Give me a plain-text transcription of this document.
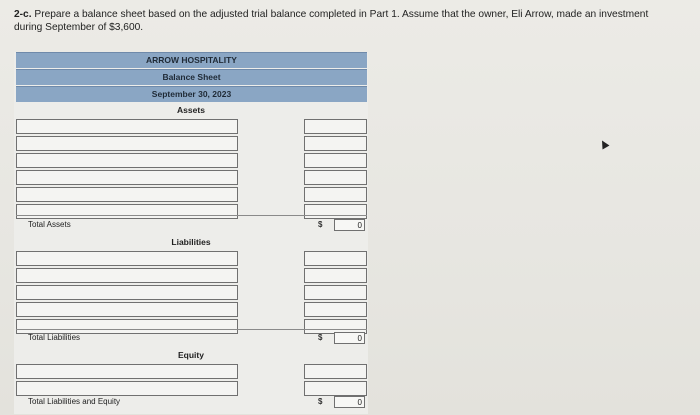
2-c. Prepare a balance sheet based on the adjusted trial balance completed in Part 1. Assume that the owner, Eli Arrow, made an investment during September of $3,600.
ARROW HOSPITALITY
Balance Sheet
September 30, 2023
Assets
Total Assets	$	0
Liabilities
Total Liabilities	$	0
Equity
Total Liabilities and Equity	$	0
